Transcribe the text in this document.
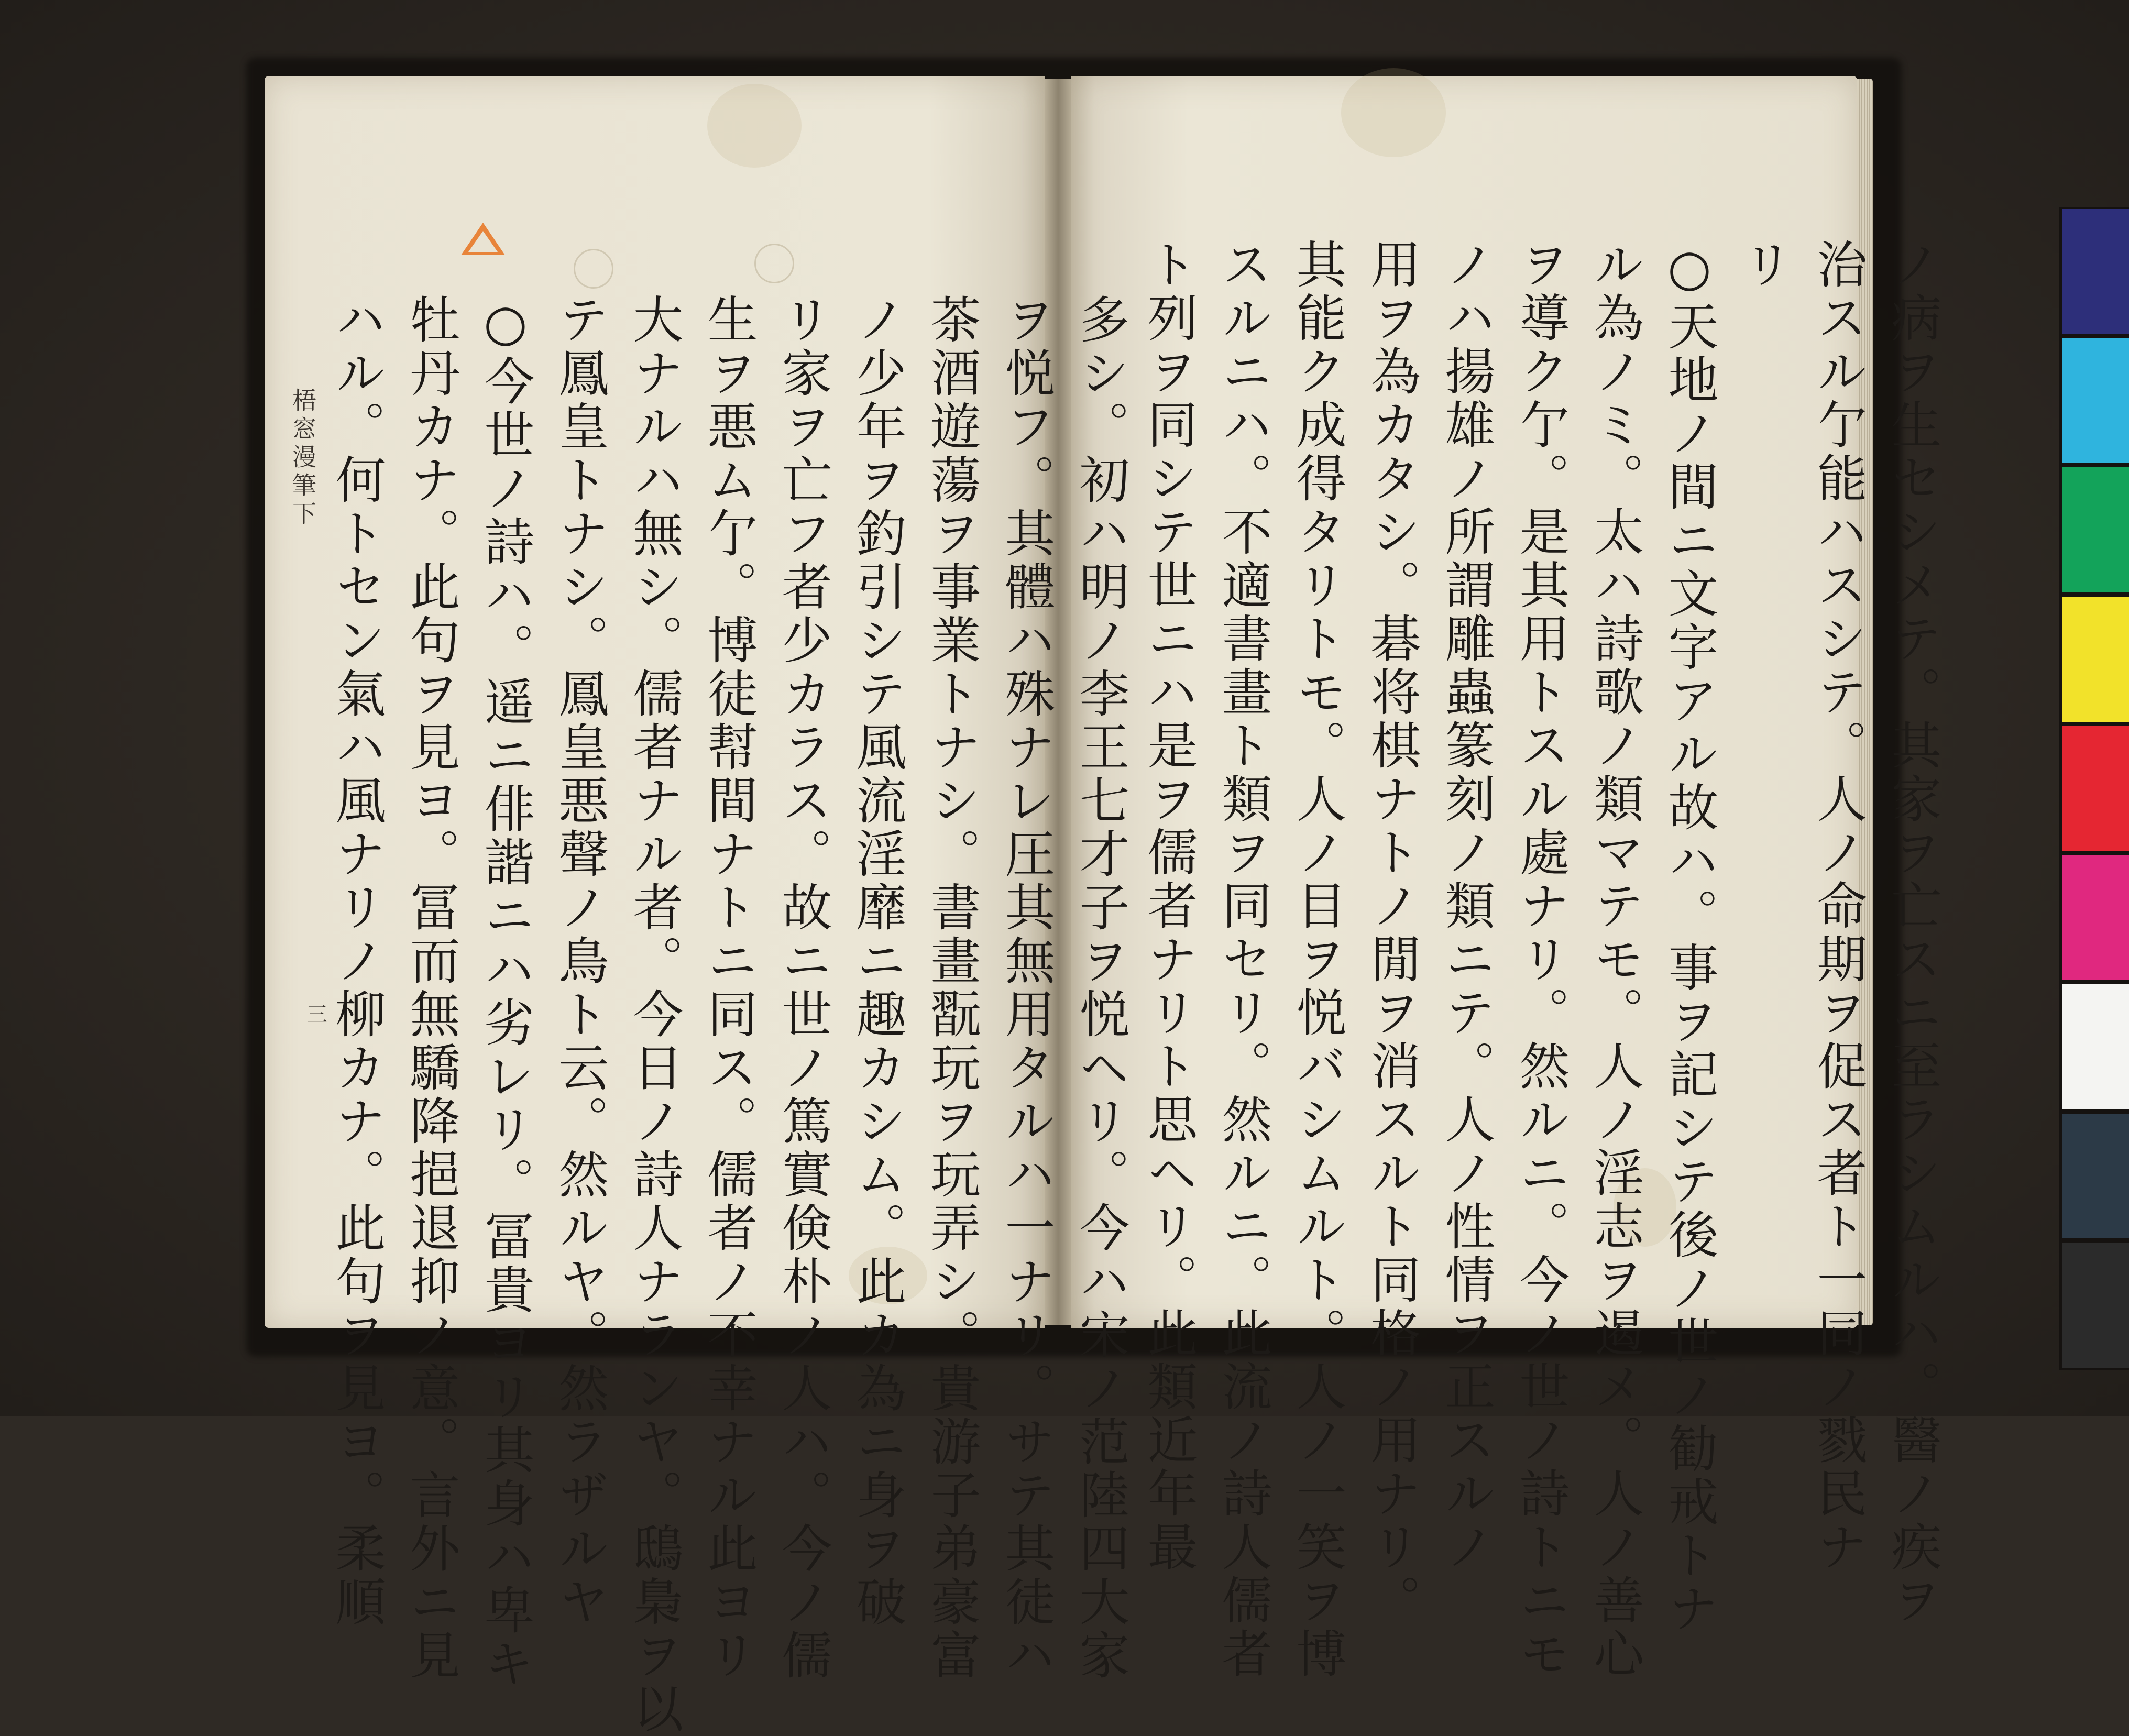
ノ病ヲ生セシメテ。其家ヲ亡スニ至ラシムルハ。醫ノ疾ヲ
治スル亇能ハスシテ。人ノ命期ヲ促ス者ト一同ノ戮民ナ
リ
○天地ノ間ニ文字アル故ハ。事ヲ記シテ後ノ世ノ勧戒トナ
ル為ノミ。太ハ詩歌ノ類マテモ。人ノ淫志ヲ遏メ。人ノ善心
ヲ導ク亇。是其用トスル處ナリ。然ルニ。今ノ世ノ詩トニモ
ノハ揚雄ノ所謂雕蟲篆刻ノ類ニテ。人ノ性情ヲ正スルノ
用ヲ為カタシ。碁将棋ナトノ閒ヲ消スルト同格ノ用ナリ。
其能ク成得タリトモ。人ノ目ヲ悦バシムルト。人ノ一笑ヲ博
スルニハ。不適書畫ト類ヲ同セリ。然ルニ。此流ノ詩人儒者
ト列ヲ同シテ世ニハ是ヲ儒者ナリト思ヘリ。此類近年最
多シ。初ハ明ノ李王七才子ヲ悦ヘリ。今ハ宋ノ范陸四大家
ヲ悦フ。其體ハ殊ナレ圧其無用タルハ一ナリ。サテ其徒ハ
茶酒遊蕩ヲ事業トナシ。書畫翫玩ヲ玩弄シ。貴游子弟豪富
ノ少年ヲ釣引シテ風流淫靡ニ趣カシム。此カ為ニ身ヲ破
リ家ヲ亡フ者少カラス。故ニ世ノ篤實倹朴ノ人ハ。今ノ儒
生ヲ悪ム亇。博徒幇間ナトニ同ス。儒者ノ不幸ナル此ヨリ
大ナルハ無シ。儒者ナル者。今日ノ詩人ナランヤ。鴟梟ヲ以
テ鳳皇トナシ。鳳皇悪聲ノ鳥ト云。然ルヤ。然ラザルヤ
○今世ノ詩ハ。遥ニ俳諧ニハ劣レリ。冨貴ヨリ其身ハ卑キ
牡丹カナ。此句ヲ見ヨ。冨而無驕降挹退抑ノ意。言外ニ見
ハル。何トセン氣ハ風ナリノ柳カナ。此句ヲ見ヨ。柔順
梧窓漫筆下
三
